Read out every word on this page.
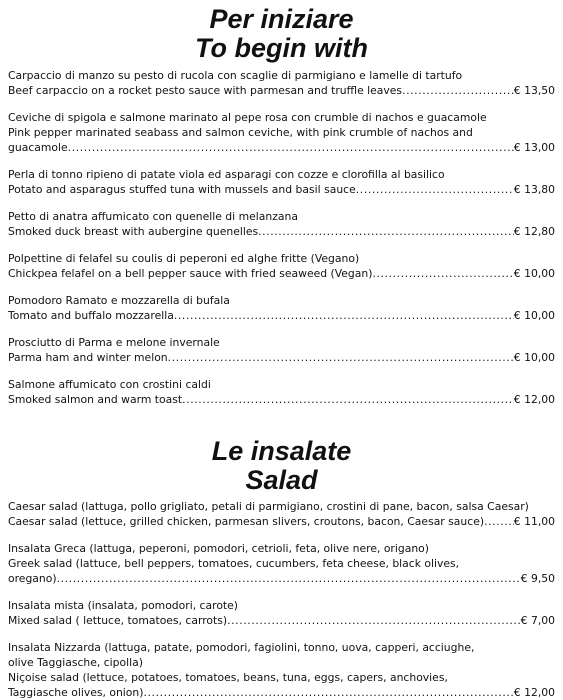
Per iniziare
To begin with
Carpaccio di manzo su pesto di rucola con scaglie di parmigiano e lamelle di tartufo
Beef carpaccio on a rocket pesto sauce with parmesan and truffle leaves .....	€ 13,50
Ceviche di spigola e salmone marinato al pepe rosa con crumble di nachos e guacamole
Pink pepper marinated seabass and salmon ceviche, with pink crumble of nachos and
guacamole .....	€ 13,00
Perla di tonno ripieno di patate viola ed asparagi con cozze e clorofilla al basilico
Potato and asparagus stuffed tuna with mussels and basil sauce .....	€ 13,80
Petto di anatra affumicato con quenelle di melanzana
Smoked duck breast with aubergine quenelles .....	€ 12,80
Polpettine di felafel su coulis di peperoni ed alghe fritte (Vegano)
Chickpea felafel on a bell pepper sauce with fried seaweed (Vegan) .....	€ 10,00
Pomodoro Ramato e mozzarella di bufala
Tomato and buffalo mozzarella .....	€ 10,00
Prosciutto di Parma e melone invernale
Parma ham and winter melon .....	€ 10,00
Salmone affumicato con crostini caldi
Smoked salmon and warm toast .....	€ 12,00
Le insalate
Salad
Caesar salad (lattuga, pollo grigliato, petali di parmigiano, crostini di pane, bacon, salsa Caesar)
Caesar salad (lettuce, grilled chicken, parmesan slivers, croutons, bacon, Caesar sauce) .....	€ 11,00
Insalata Greca (lattuga, peperoni, pomodori, cetrioli, feta, olive nere, origano)
Greek salad (lattuce, bell peppers, tomatoes, cucumbers, feta cheese, black olives,
oregano) .....	€ 9,50
Insalata mista (insalata, pomodori, carote)
Mixed salad ( lettuce, tomatoes, carrots) .....	€ 7,00
Insalata Nizzarda (lattuga, patate, pomodori, fagiolini, tonno, uova, capperi, acciughe,
olive Taggiasche, cipolla)
Niçoise salad (lettuce, potatoes, tomatoes, beans, tuna, eggs, capers, anchovies,
Taggiasche olives, onion) .....	€ 12,00
